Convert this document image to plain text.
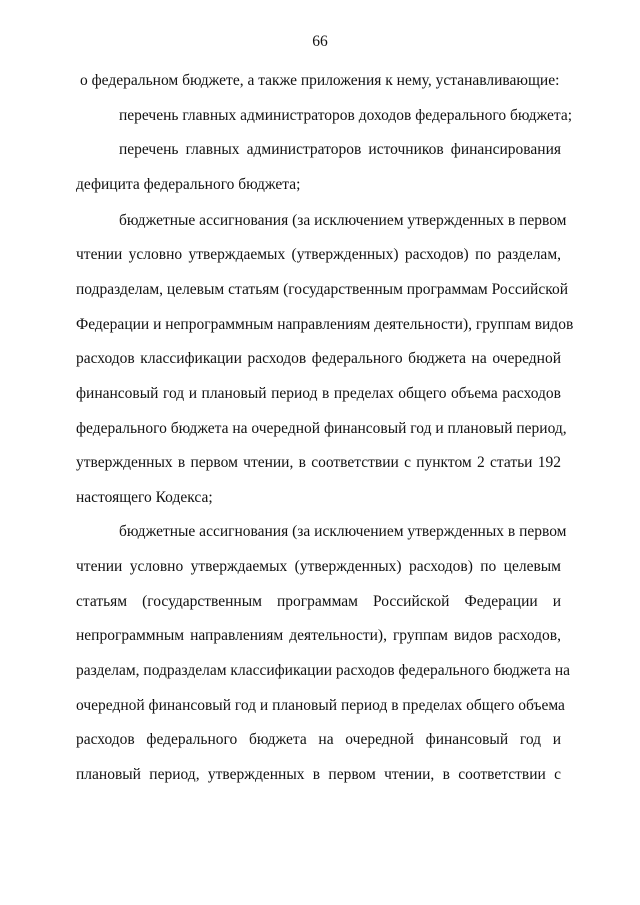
66
о федеральном бюджете, а также приложения к нему, устанавливающие:
перечень главных администраторов доходов федерального бюджета;
перечень главных администраторов источников финансирования
дефицита федерального бюджета;
бюджетные ассигнования (за исключением утвержденных в первом
чтении условно утверждаемых (утвержденных) расходов) по разделам,
подразделам, целевым статьям (государственным программам Российской
Федерации и непрограммным направлениям деятельности), группам видов
расходов классификации расходов федерального бюджета на очередной
финансовый год и плановый период в пределах общего объема расходов
федерального бюджета на очередной финансовый год и плановый период,
утвержденных в первом чтении, в соответствии с пунктом 2 статьи 192
настоящего Кодекса;
бюджетные ассигнования (за исключением утвержденных в первом
чтении условно утверждаемых (утвержденных) расходов) по целевым
статьям (государственным программам Российской Федерации и
непрограммным направлениям деятельности), группам видов расходов,
разделам, подразделам классификации расходов федерального бюджета на
очередной финансовый год и плановый период в пределах общего объема
расходов федерального бюджета на очередной финансовый год и
плановый период, утвержденных в первом чтении, в соответствии с
